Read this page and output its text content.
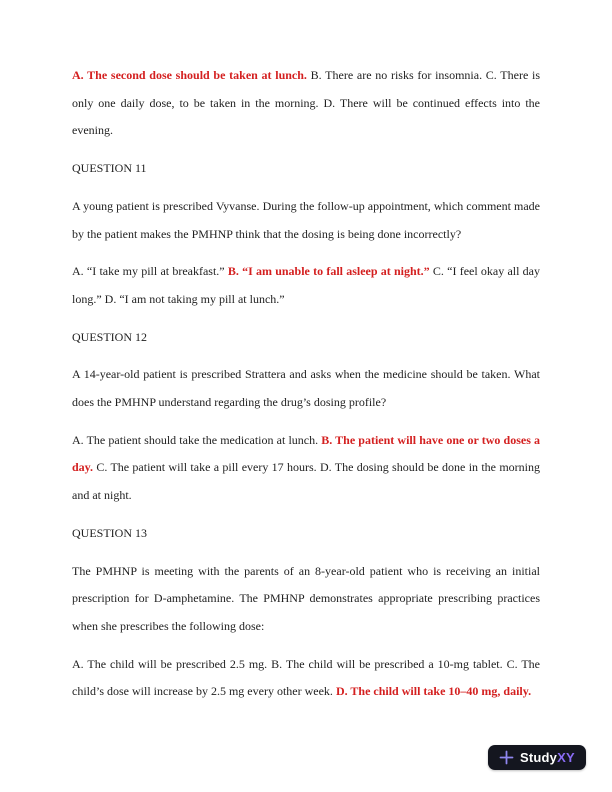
A. The second dose should be taken at lunch. B. There are no risks for insomnia. C. There is only one daily dose, to be taken in the morning. D. There will be continued effects into the evening.

QUESTION 11

A young patient is prescribed Vyvanse. During the follow-up appointment, which comment made by the patient makes the PMHNP think that the dosing is being done incorrectly?

A. “I take my pill at breakfast.” B. “I am unable to fall asleep at night.” C. “I feel okay all day long.” D. “I am not taking my pill at lunch.”

QUESTION 12

A 14-year-old patient is prescribed Strattera and asks when the medicine should be taken. What does the PMHNP understand regarding the drug’s dosing profile?

A. The patient should take the medication at lunch. B. The patient will have one or two doses a day. C. The patient will take a pill every 17 hours. D. The dosing should be done in the morning and at night.

QUESTION 13

The PMHNP is meeting with the parents of an 8-year-old patient who is receiving an initial prescription for D-amphetamine. The PMHNP demonstrates appropriate prescribing practices when she prescribes the following dose:

A. The child will be prescribed 2.5 mg. B. The child will be prescribed a 10-mg tablet. C. The child’s dose will increase by 2.5 mg every other week. D. The child will take 10–40 mg, daily.

StudyXY
